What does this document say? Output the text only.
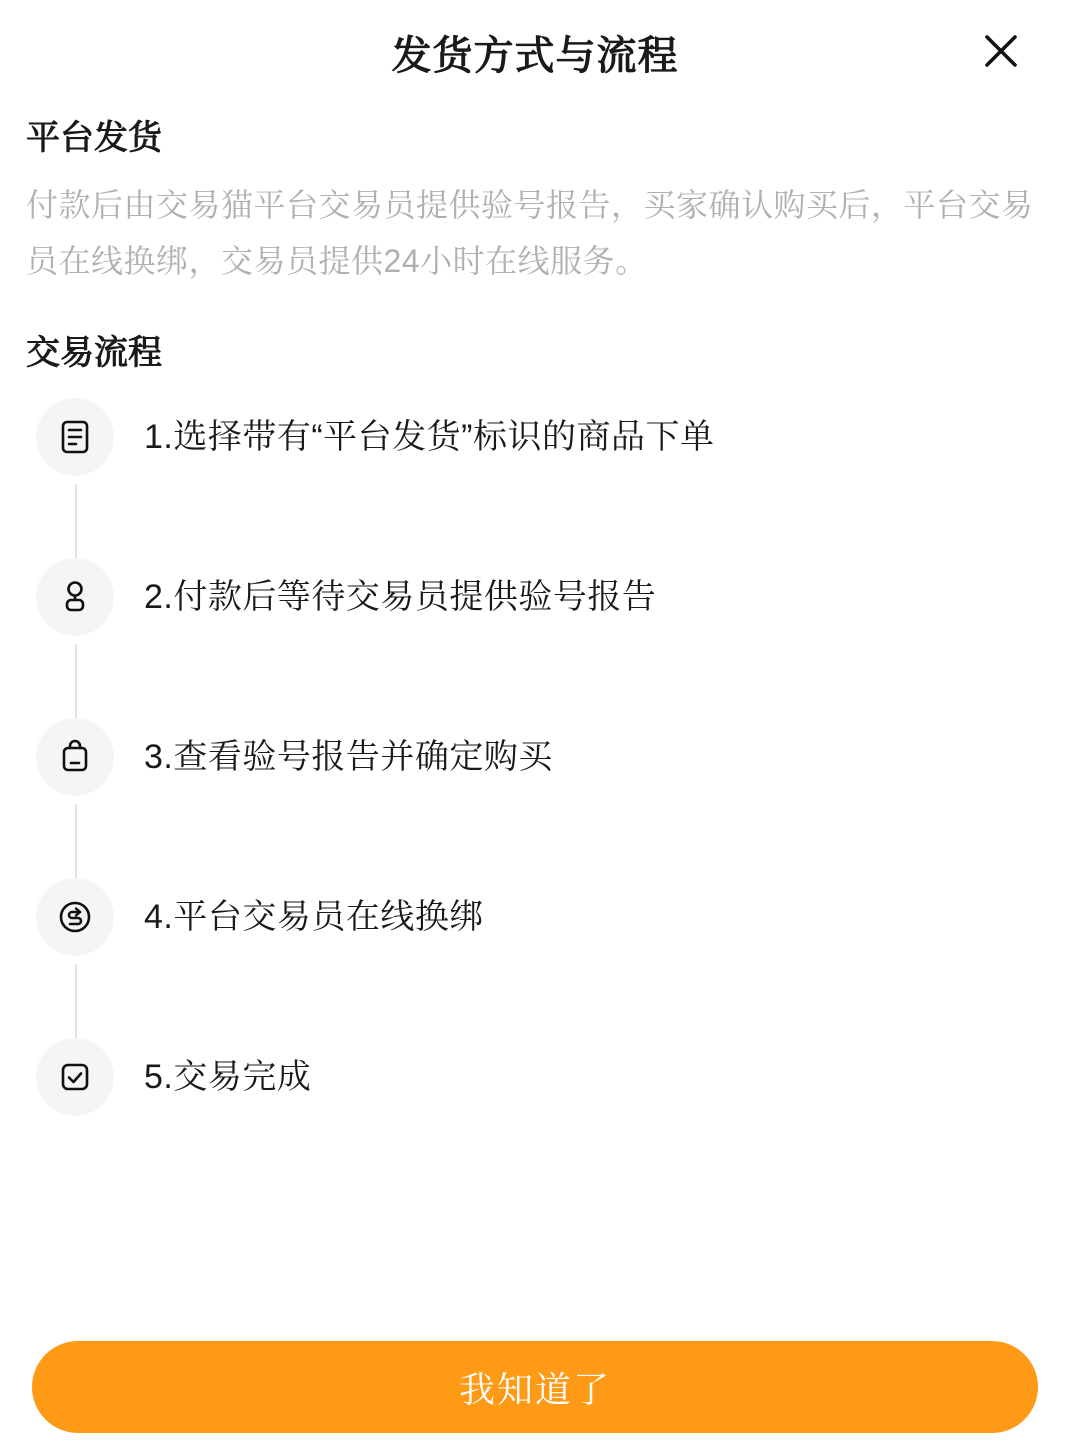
发货方式与流程
平台发货
付款后由交易猫平台交易员提供验号报告，买家确认购买后，平台交易员在线换绑，交易员提供24小时在线服务。
交易流程
1.选择带有“平台发货”标识的商品下单
2.付款后等待交易员提供验号报告
3.查看验号报告并确定购买
4.平台交易员在线换绑
5.交易完成
我知道了
